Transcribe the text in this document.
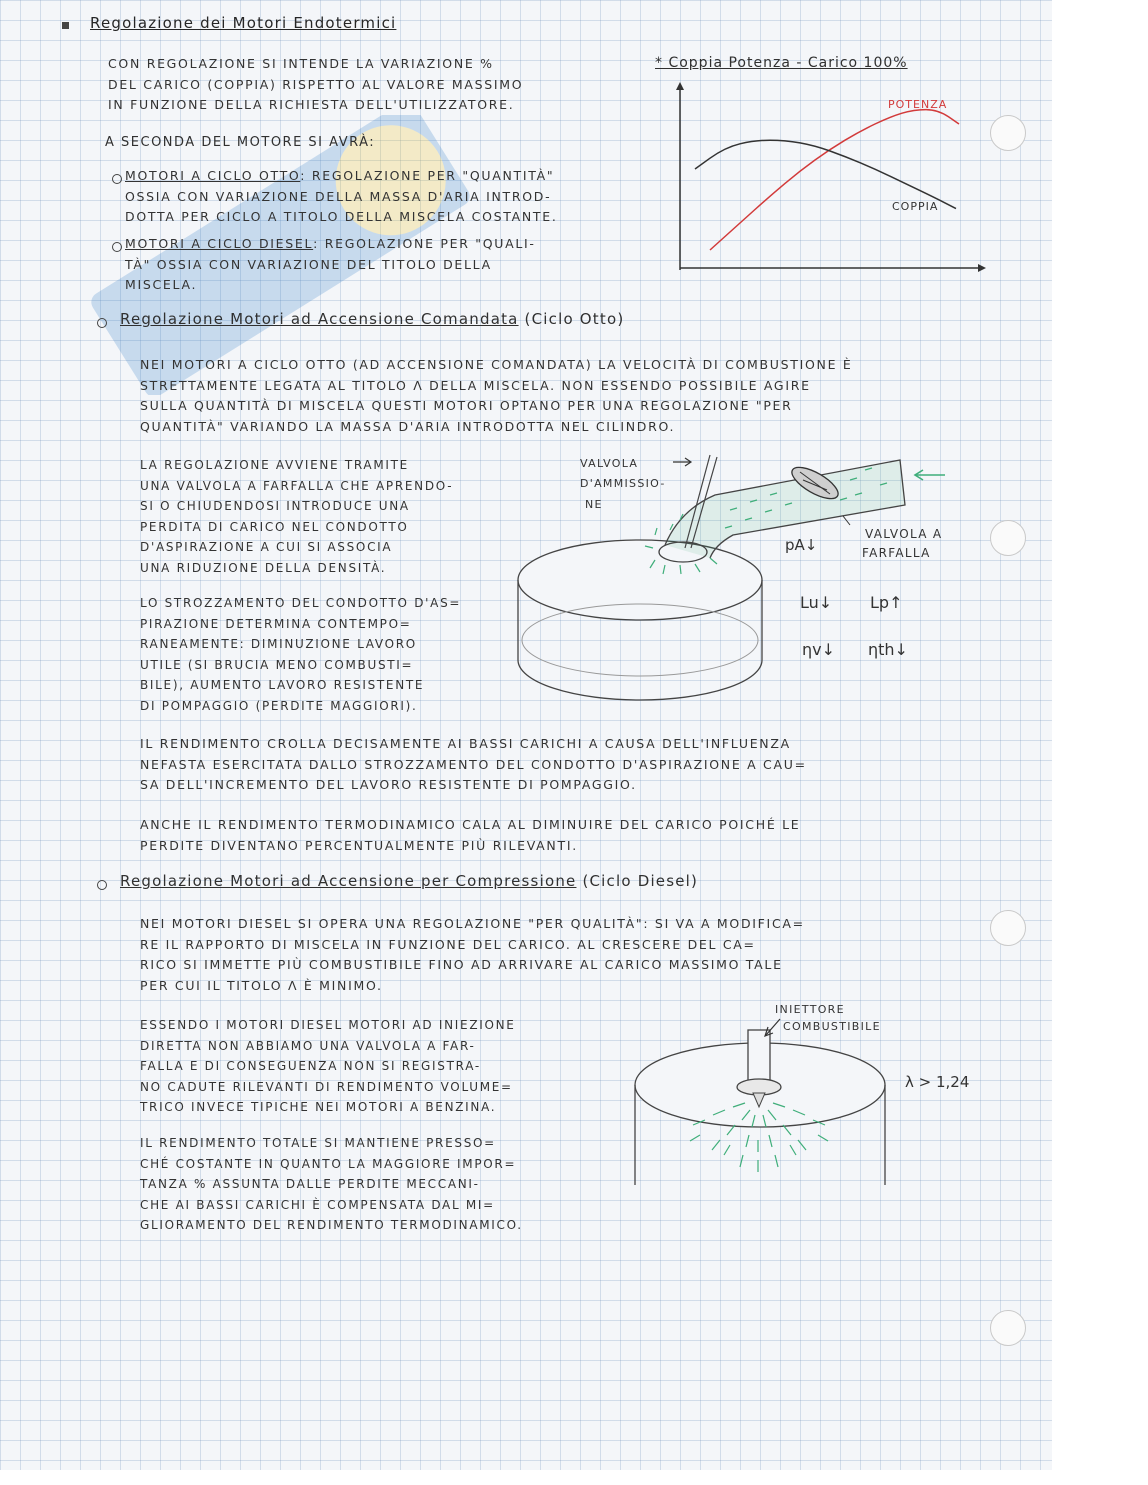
Regolazione dei Motori Endotermici

CON REGOLAZIONE SI INTENDE LA VARIAZIONE %

DEL CARICO (COPPIA) RISPETTO AL VALORE MASSIMO

IN FUNZIONE DELLA RICHIESTA DELL'UTILIZZATORE.

A SECONDA DEL MOTORE SI AVRÀ:

MOTORI A CICLO OTTO: REGOLAZIONE PER "QUANTITÀ"

OSSIA CON VARIAZIONE DELLA MASSA D'ARIA INTROD-

DOTTA PER CICLO A TITOLO DELLA MISCELA COSTANTE.

MOTORI A CICLO DIESEL: REGOLAZIONE PER "QUALI-

TÀ" OSSIA CON VARIAZIONE DEL TITOLO DELLA

MISCELA.

* Coppia Potenza - Carico 100%
POTENZA
COPPIA
Regolazione Motori ad Accensione Comandata (Ciclo Otto)

NEI MOTORI A CICLO OTTO (AD ACCENSIONE COMANDATA) LA VELOCITÀ DI COMBUSTIONE È

STRETTAMENTE LEGATA AL TITOLO Λ DELLA MISCELA. NON ESSENDO POSSIBILE AGIRE

SULLA QUANTITÀ DI MISCELA QUESTI MOTORI OPTANO PER UNA REGOLAZIONE "PER

QUANTITÀ" VARIANDO LA MASSA D'ARIA INTRODOTTA NEL CILINDRO.

LA REGOLAZIONE AVVIENE TRAMITE

UNA VALVOLA A FARFALLA CHE APRENDO-

SI O CHIUDENDOSI INTRODUCE UNA

PERDITA DI CARICO NEL CONDOTTO

D'ASPIRAZIONE A CUI SI ASSOCIA

UNA RIDUZIONE DELLA DENSITÀ.

LO STROZZAMENTO DEL CONDOTTO D'AS=

PIRAZIONE DETERMINA CONTEMPO=

RANEAMENTE: DIMINUZIONE LAVORO

UTILE (SI BRUCIA MENO COMBUSTI=

BILE), AUMENTO LAVORO RESISTENTE

DI POMPAGGIO (PERDITE MAGGIORI).

VALVOLA
D'AMMISSIO-
NE
VALVOLA A
FARFALLA
pA↓
Lu↓ Lp↑
ηv↓ ηth↓

IL RENDIMENTO CROLLA DECISAMENTE AI BASSI CARICHI A CAUSA DELL'INFLUENZA

NEFASTA ESERCITATA DALLO STROZZAMENTO DEL CONDOTTO D'ASPIRAZIONE A CAU=

SA DELL'INCREMENTO DEL LAVORO RESISTENTE DI POMPAGGIO.

ANCHE IL RENDIMENTO TERMODINAMICO CALA AL DIMINUIRE DEL CARICO POICHÉ LE

PERDITE DIVENTANO PERCENTUALMENTE PIÙ RILEVANTI.

Regolazione Motori ad Accensione per Compressione (Ciclo Diesel)

NEI MOTORI DIESEL SI OPERA UNA REGOLAZIONE "PER QUALITÀ": SI VA A MODIFICA=

RE IL RAPPORTO DI MISCELA IN FUNZIONE DEL CARICO. AL CRESCERE DEL CA=

RICO SI IMMETTE PIÙ COMBUSTIBILE FINO AD ARRIVARE AL CARICO MASSIMO TALE

PER CUI IL TITOLO Λ È MINIMO.

ESSENDO I MOTORI DIESEL MOTORI AD INIEZIONE

DIRETTA NON ABBIAMO UNA VALVOLA A FAR-

FALLA E DI CONSEGUENZA NON SI REGISTRA-

NO CADUTE RILEVANTI DI RENDIMENTO VOLUME=

TRICO INVECE TIPICHE NEI MOTORI A BENZINA.

IL RENDIMENTO TOTALE SI MANTIENE PRESSO=

CHÉ COSTANTE IN QUANTO LA MAGGIORE IMPOR=

TANZA % ASSUNTA DALLE PERDITE MECCANI-

CHE AI BASSI CARICHI È COMPENSATA DAL MI=

GLIORAMENTO DEL RENDIMENTO TERMODINAMICO.

INIETTORE
COMBUSTIBILE
λ > 1,24
